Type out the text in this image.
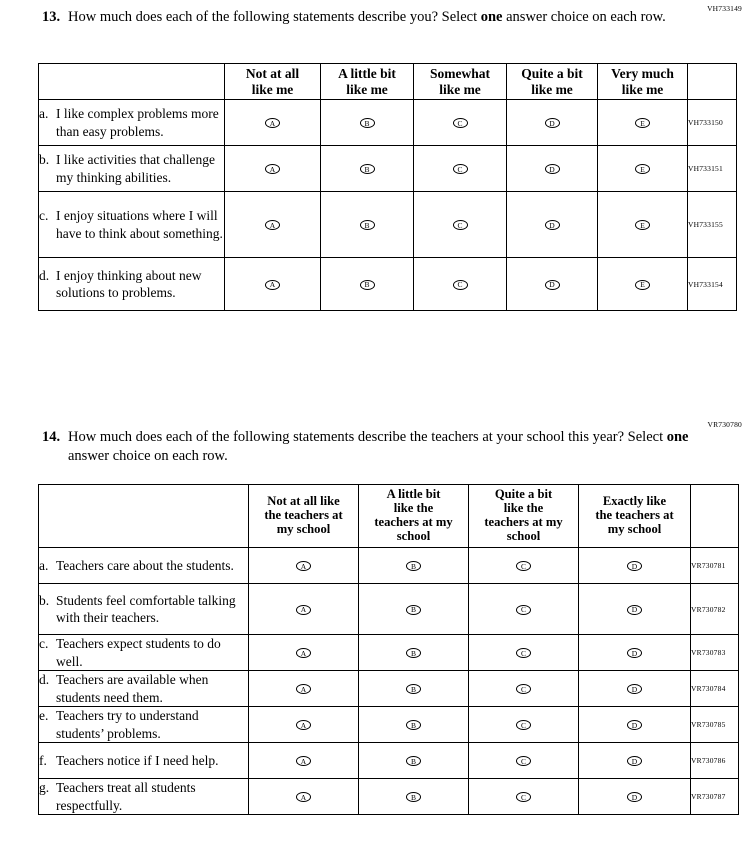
VH733149
13. How much does each of the following statements describe you? Select one answer choice on each row.

Not at all
like me

A little bit
like me

Somewhat
like me

Quite a bit
like me

Very much
like me

a. I like complex problems more than easy problems.	A	B	C	D	E	VH733150

b. I like activities that challenge my thinking abilities.	A	B	C	D	E	VH733151

c. I enjoy situations where I will have to think about something.	A	B	C	D	E	VH733155

d. I enjoy thinking about new solutions to problems.	A	B	C	D	E	VH733154
VR730780
14. How much does each of the following statements describe the teachers at your school this year? Select one answer choice on each row.

Not at all like
the teachers at
my school

A little bit
like the
teachers at my
school

Quite a bit
like the
teachers at my
school

Exactly like
the teachers at
my school

a. Teachers care about the students.	A	B	C	D	VR730781

b. Students feel comfortable talking with their teachers.	A	B	C	D	VR730782

c. Teachers expect students to do well.	A	B	C	D	VR730783

d. Teachers are available when students need them.	A	B	C	D	VR730784

e. Teachers try to understand students’ problems.	A	B	C	D	VR730785

f. Teachers notice if I need help.	A	B	C	D	VR730786

g. Teachers treat all students respectfully.	A	B	C	D	VR730787
